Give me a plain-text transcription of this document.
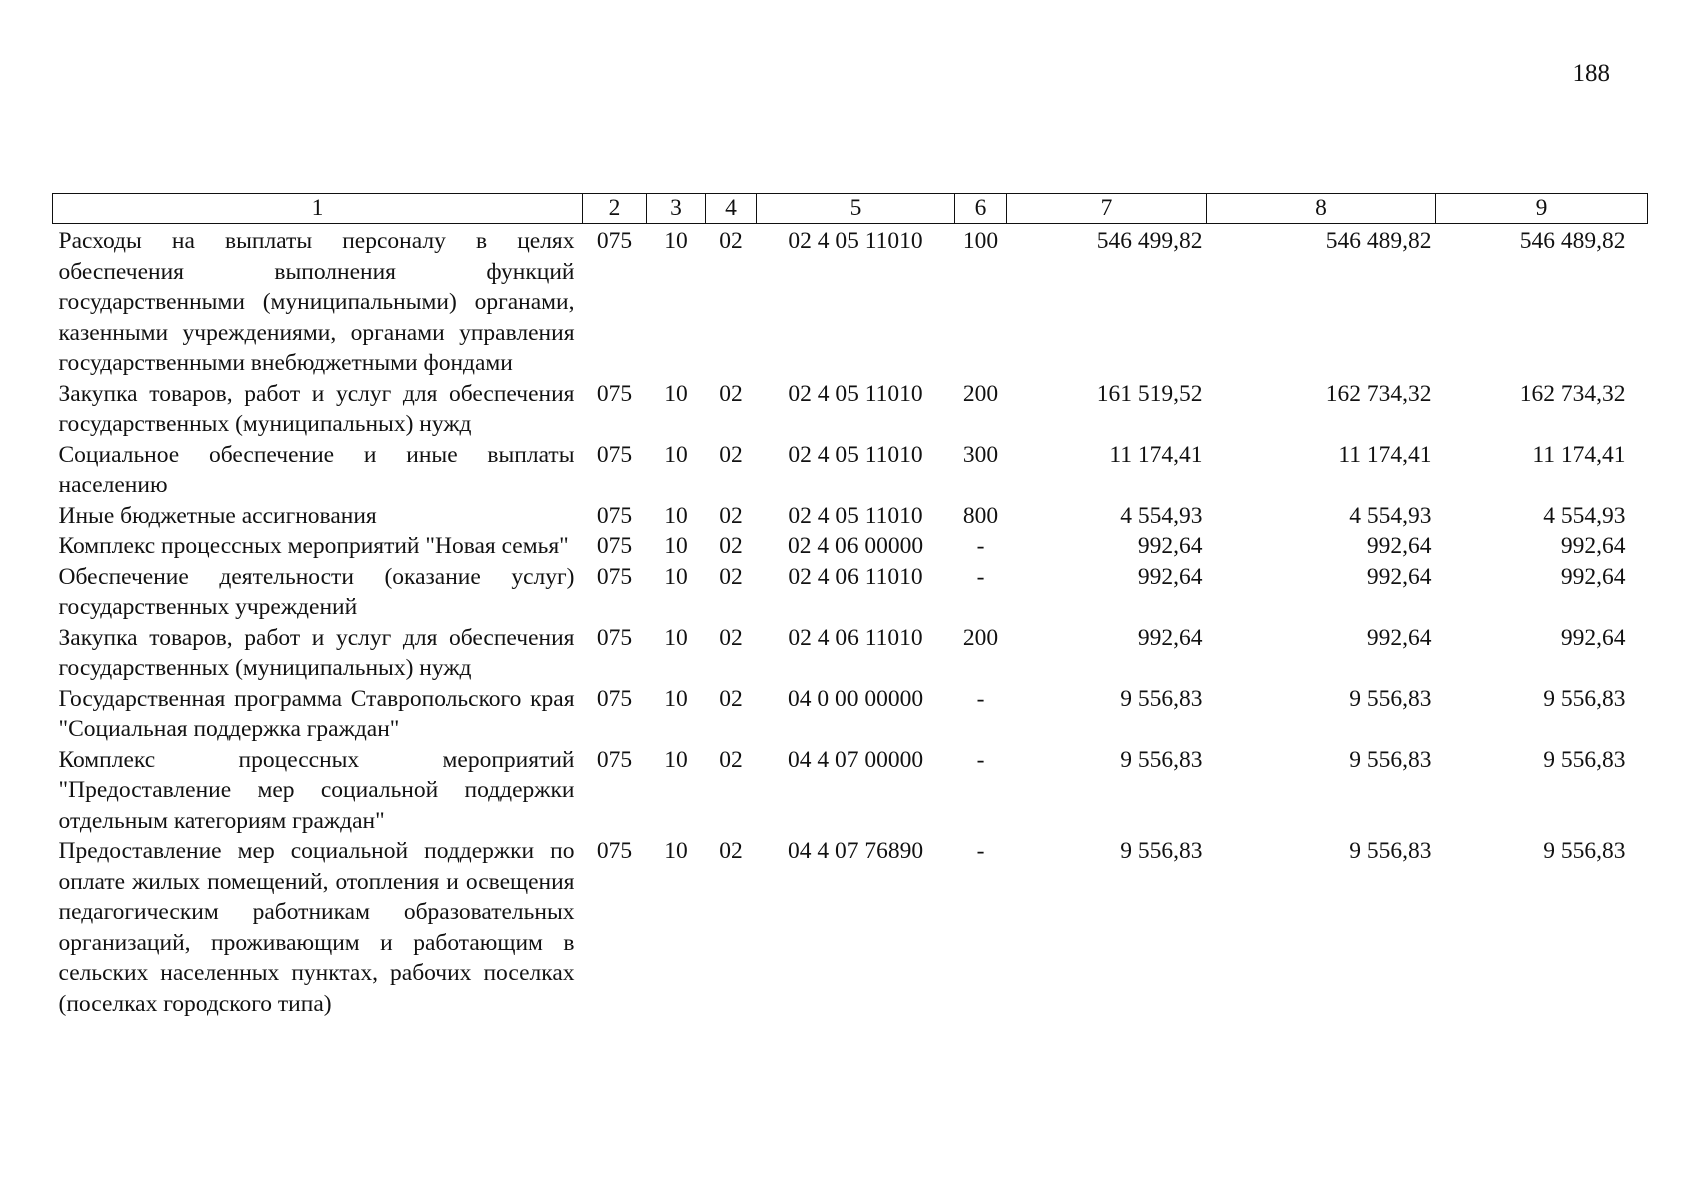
188
1	2	3	4	5	6	7	8	9
Расходы на выплаты персоналу в целях обеспечения выполнения функций государственными (муниципальными) органами, казенными учреждениями, органами управления государственными внебюджетными фондами	075	10	02	02 4 05 11010	100	546 499,82	546 489,82	546 489,82
Закупка товаров, работ и услуг для обеспечения государственных (муниципальных) нужд	075	10	02	02 4 05 11010	200	161 519,52	162 734,32	162 734,32
Социальное обеспечение и иные выплаты населению	075	10	02	02 4 05 11010	300	11 174,41	11 174,41	11 174,41
Иные бюджетные ассигнования	075	10	02	02 4 05 11010	800	4 554,93	4 554,93	4 554,93
Комплекс процессных мероприятий "Новая семья"	075	10	02	02 4 06 00000	-	992,64	992,64	992,64
Обеспечение деятельности (оказание услуг) государственных учреждений	075	10	02	02 4 06 11010	-	992,64	992,64	992,64
Закупка товаров, работ и услуг для обеспечения государственных (муниципальных) нужд	075	10	02	02 4 06 11010	200	992,64	992,64	992,64
Государственная программа Ставропольского края "Социальная поддержка граждан"	075	10	02	04 0 00 00000	-	9 556,83	9 556,83	9 556,83
Комплекс процессных мероприятий "Предоставление мер социальной поддержки отдельным категориям граждан"	075	10	02	04 4 07 00000	-	9 556,83	9 556,83	9 556,83
Предоставление мер социальной поддержки по оплате жилых помещений, отопления и освещения педагогическим работникам образовательных организаций, проживающим и работающим в сельских населенных пунктах, рабочих поселках (поселках городского типа)	075	10	02	04 4 07 76890	-	9 556,83	9 556,83	9 556,83
